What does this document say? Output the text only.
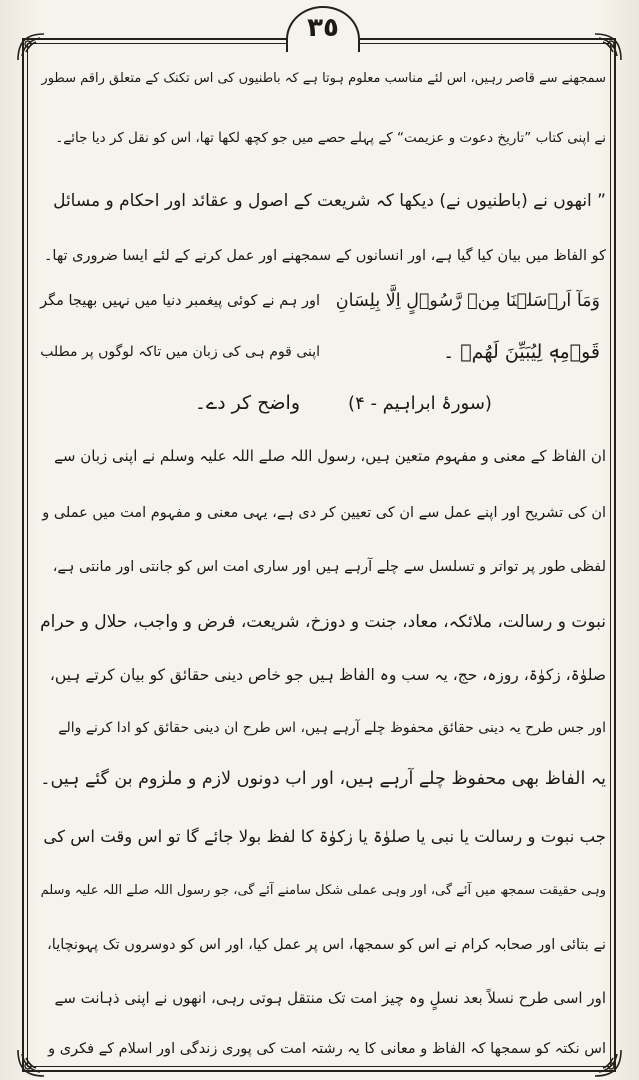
٣٥
سمجھنے سے قاصر رہیں، اس لئے مناسب معلوم ہوتا ہے کہ باطنیوں کی اس تکنک کے متعلق راقم سطور
نے اپنی کتاب ”تاریخ دعوت و عزیمت“ کے پہلے حصے میں جو کچھ لکھا تھا، اس کو نقل کر دیا جائے۔
” انھوں نے (باطنیوں نے) دیکھا کہ شریعت کے اصول و عقائد اور احکام و مسائل
کو الفاظ میں بیان کیا گیا ہے، اور انسانوں کے سمجھنے اور عمل کرنے کے لئے ایسا ضروری تھا۔
وَمَآ اَرۡسَلۡنَا مِنۡ رَّسُوۡلٍ اِلَّا بِلِسَانِ
اور ہم نے کوئی پیغمبر دنیا میں نہیں بھیجا مگر
قَوۡمِهٖ لِيُبَيِّنَ لَهُمۡ ۔
اپنی قوم ہی کی زبان میں تاکہ لوگوں پر مطلب
(سورۂ ابراہیم - ۴)
واضح کر دے۔
ان الفاظ کے معنی و مفہوم متعین ہیں، رسول اللہ صلے اللہ علیہ وسلم نے اپنی زبان سے
ان کی تشریح اور اپنے عمل سے ان کی تعیین کر دی ہے، یہی معنی و مفہوم امت میں عملی و
لفظی طور پر تواتر و تسلسل سے چلے آرہے ہیں اور ساری امت اس کو جانتی اور مانتی ہے،
نبوت و رسالت، ملائکہ، معاد، جنت و دوزخ، شریعت، فرض و واجب، حلال و حرام
صلوٰۃ، زکوٰۃ، روزہ، حج، یہ سب وہ الفاظ ہیں جو خاص دینی حقائق کو بیان کرتے ہیں،
اور جس طرح یہ دینی حقائق محفوظ چلے آرہے ہیں، اس طرح ان دینی حقائق کو ادا کرنے والے
یہ الفاظ بھی محفوظ چلے آرہے ہیں، اور اب دونوں لازم و ملزوم بن گئے ہیں۔
جب نبوت و رسالت یا نبی یا صلوٰۃ یا زکوٰۃ کا لفظ بولا جائے گا تو اس وقت اس کی
وہی حقیقت سمجھ میں آئے گی، اور وہی عملی شکل سامنے آئے گی، جو رسول اللہ صلے اللہ علیہ وسلم
نے بتائی اور صحابہ کرام نے اس کو سمجھا، اس پر عمل کیا، اور اس کو دوسروں تک پہونچایا،
اور اسی طرح نسلاً بعد نسلٍ وہ چیز امت تک منتقل ہوتی رہی، انھوں نے اپنی ذہانت سے
اس نکتہ کو سمجھا کہ الفاظ و معانی کا یہ رشتہ امت کی پوری زندگی اور اسلام کے فکری و
